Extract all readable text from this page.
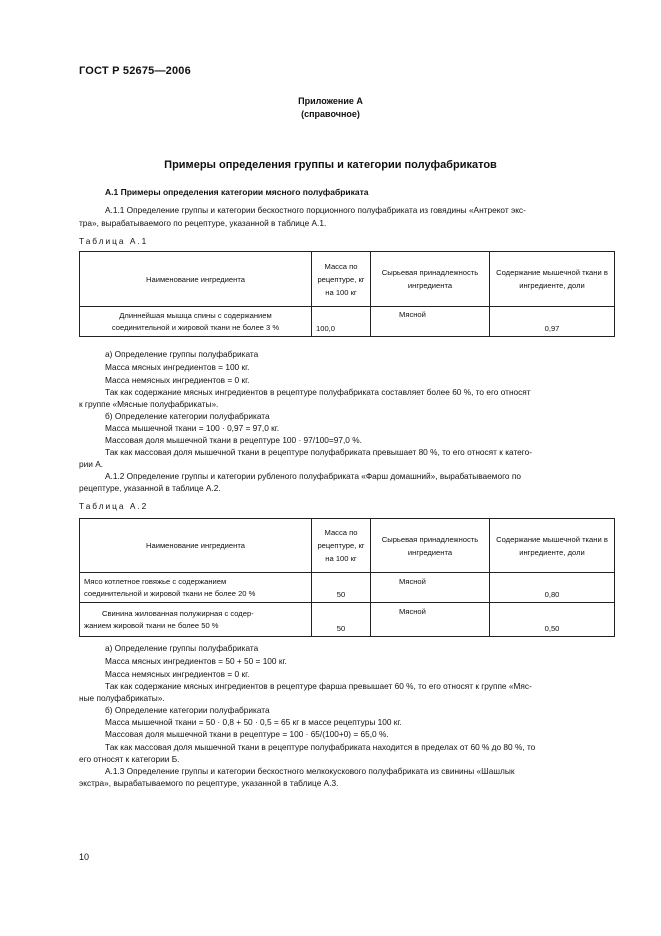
ГОСТ Р 52675—2006
Приложение А
(справочное)
Примеры определения группы и категории полуфабрикатов
А.1 Примеры определения категории мясного полуфабриката
А.1.1 Определение группы и категории бескостного порционного полуфабриката из говядины «Антрекот экс-
тра», вырабатываемого по рецептуре, указанной в таблице А.1.
Таблица А.1
Наименование ингредиента	Масса по рецептуре, кг на 100 кг	Сырьевая принадлежность ингредиента	Содержание мышечной ткани в ингредиенте, доли
Длиннейшая мышца спины с содержанием
соединительной и жировой ткани не более 3 %	100,0	Мясной	0,97
а) Определение группы полуфабриката
Масса мясных ингредиентов = 100 кг.
Масса немясных ингредиентов = 0 кг.
Так как содержание мясных ингредиентов в рецептуре полуфабриката составляет более 60 %, то его относят
к группе «Мясные полуфабрикаты».
б) Определение категории полуфабриката
Масса мышечной ткани = 100 · 0,97 = 97,0 кг.
Массовая доля мышечной ткани в рецептуре 100 · 97/100=97,0 %.
Так как массовая доля мышечной ткани в рецептуре полуфабриката превышает 80 %, то его относят к катего-
рии А.
А.1.2 Определение группы и категории рубленого полуфабриката «Фарш домашний», вырабатываемого по
рецептуре, указанной в таблице А.2.
Таблица А.2
Наименование ингредиента	Масса по рецептуре, кг на 100 кг	Сырьевая принадлежность ингредиента	Содержание мышечной ткани в ингредиенте, доли
Мясо котлетное говяжье с содержанием
соединительной и жировой ткани не более 20 %	50	Мясной	0,80
Свинина жилованная полужирная с содер-
жанием жировой ткани не более 50 %	50	Мясной	0,50
а) Определение группы полуфабриката
Масса мясных ингредиентов = 50 + 50 = 100 кг.
Масса немясных ингредиентов = 0 кг.
Так как содержание мясных ингредиентов в рецептуре фарша превышает 60 %, то его относят к группе «Мяс-
ные полуфабрикаты».
б) Определение категории полуфабриката
Масса мышечной ткани = 50 · 0,8 + 50 · 0,5 = 65 кг в массе рецептуры 100 кг.
Массовая доля мышечной ткани в рецептуре = 100 · 65/(100+0) = 65,0 %.
Так как массовая доля мышечной ткани в рецептуре полуфабриката находится в пределах от 60 % до 80 %, то
его относят к категории Б.
А.1.3 Определение группы и категории бескостного мелкокускового полуфабриката из свинины «Шашлык
экстра», вырабатываемого по рецептуре, указанной в таблице А.3.
10
